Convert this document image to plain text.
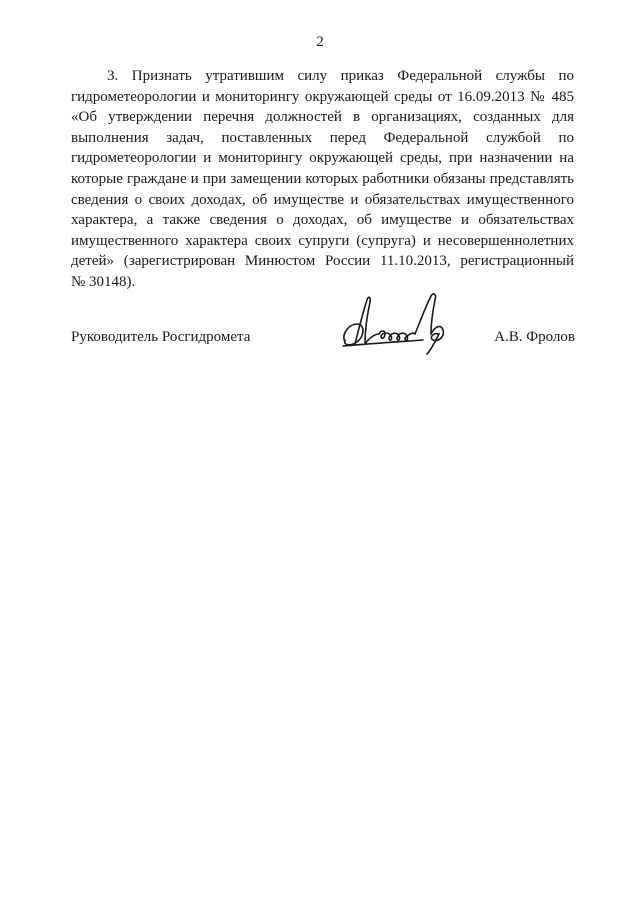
2
3. Признать утратившим силу приказ Федеральной службы по
гидрометеорологии и мониторингу окружающей среды от 16.09.2013 № 485
«Об утверждении перечня должностей в организациях, созданных для
выполнения задач, поставленных перед Федеральной службой по
гидрометеорологии и мониторингу окружающей среды, при назначении на
которые граждане и при замещении которых работники обязаны представлять
сведения о своих доходах, об имуществе и обязательствах имущественного
характера, а также сведения о доходах, об имуществе и обязательствах
имущественного характера своих супруги (супруга) и несовершеннолетних
детей» (зарегистрирован Минюстом России 11.10.2013, регистрационный
№ 30148).
Руководитель Росгидромета	А.В. Фролов
